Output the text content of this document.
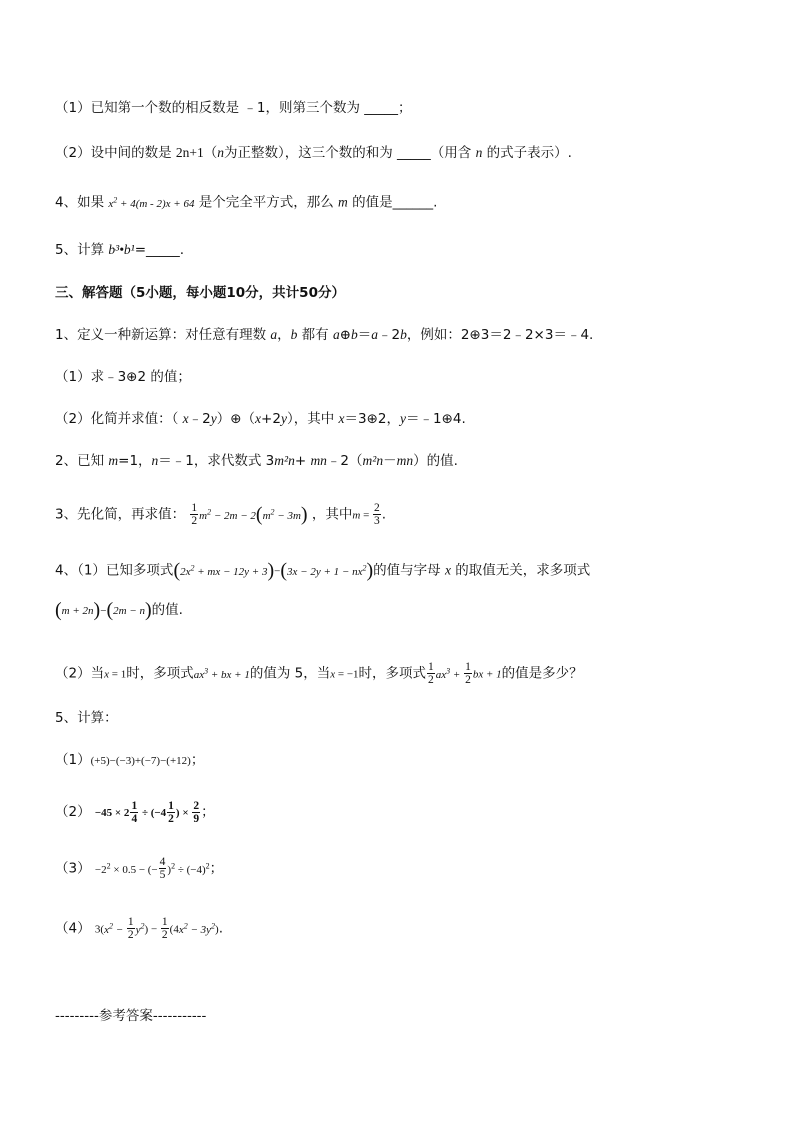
（1）已知第一个数的相反数是 ﹣1，则第三个数为 _____；
（2）设中间的数是 2n+1（n为正整数），这三个数的和为 _____（用含 n 的式子表示）.
4、如果 $x^2 + 4(m - 2)x + 64$ 是个完全平方式，那么 m 的值是______.
5、计算 b³•b¹=_____.
三、解答题（5小题，每小题10分，共计50分）
1、定义一种新运算：对任意有理数 a，b 都有 a⊕b＝a﹣2b，例如：2⊕3＝2﹣2×3＝﹣4.
（1）求﹣3⊕2 的值；
（2）化简并求值：（ x﹣2y）⊕（x+2y），其中 x＝3⊕2，y＝﹣1⊕4.
2、已知 m=1，n＝﹣1，求代数式 3m²n+ mn﹣2（m²n－mn）的值.
3、先化简，再求值： $\frac{1}{2} m^2 - 2m - 2(m^2 - 3m)$ ，其中$m = \frac{2}{3}$ .
4、（1）已知多项式($2x^2$ + mx − $12y + 3)-(3x - 2y + 1 - nx^2)$的值与字母 x 的取值无关，求多项式
(m + 2n)−(2m − n)的值.
（2）当x = 1时，多项式$ax^3$ + bx + 1的值为 5，当x = −1时，多项式 $\frac{1}{2} ax^3 + \frac{1}{2}$ bx + 1的值是多少？
5、计算：
（1）(+5)−(−3)+(−7)−(+12)；
$(2) -45 \times 2 \frac{1}{4} \div (-4 \frac{1}{2}$ ) × $\frac{2}{9}$ ；
$(3) -2^2 \times 0.5$ − (− $\frac{4}{5} )^2 \div (-4)^2$；
（4） $3(x^2 - \frac{1}{2} y^2) - \frac{1}{2} (4x^2 - 3y^2)$.
---------参考答案-----------
